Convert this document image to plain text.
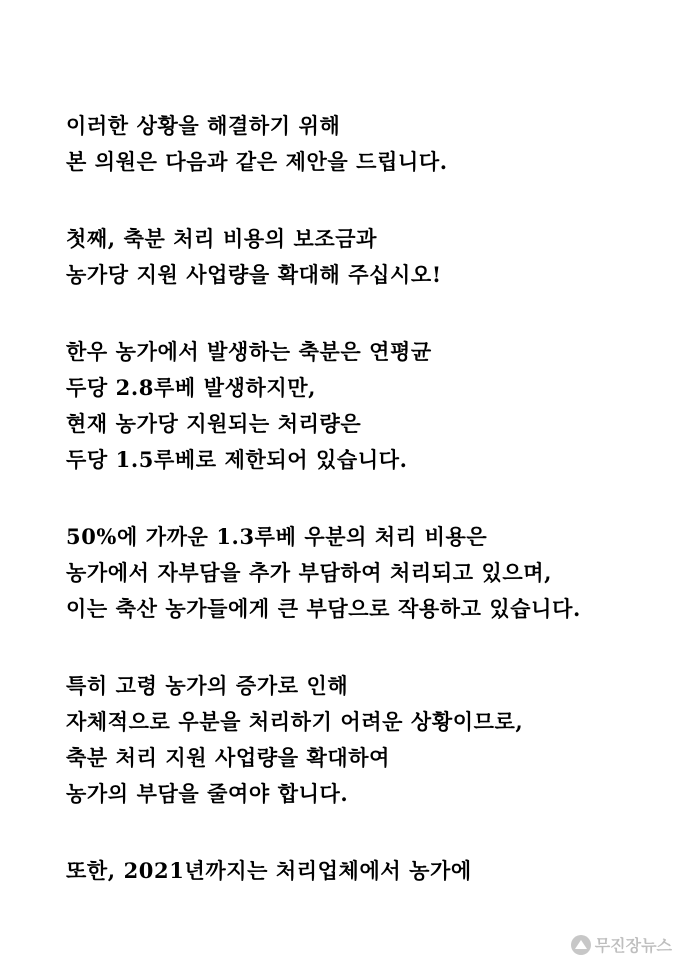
이러한 상황을 해결하기 위해
본 의원은 다음과 같은 제안을 드립니다.
첫째, 축분 처리 비용의 보조금과
농가당 지원 사업량을 확대해 주십시오!
한우 농가에서 발생하는 축분은 연평균
두당 2.8루베 발생하지만,
현재 농가당 지원되는 처리량은
두당 1.5루베로 제한되어 있습니다.
50%에 가까운 1.3루베 우분의 처리 비용은
농가에서 자부담을 추가 부담하여 처리되고 있으며,
이는 축산 농가들에게 큰 부담으로 작용하고 있습니다.
특히 고령 농가의 증가로 인해
자체적으로 우분을 처리하기 어려운 상황이므로,
축분 처리 지원 사업량을 확대하여
농가의 부담을 줄여야 합니다.
또한, 2021년까지는 처리업체에서 농가에
무진장뉴스
